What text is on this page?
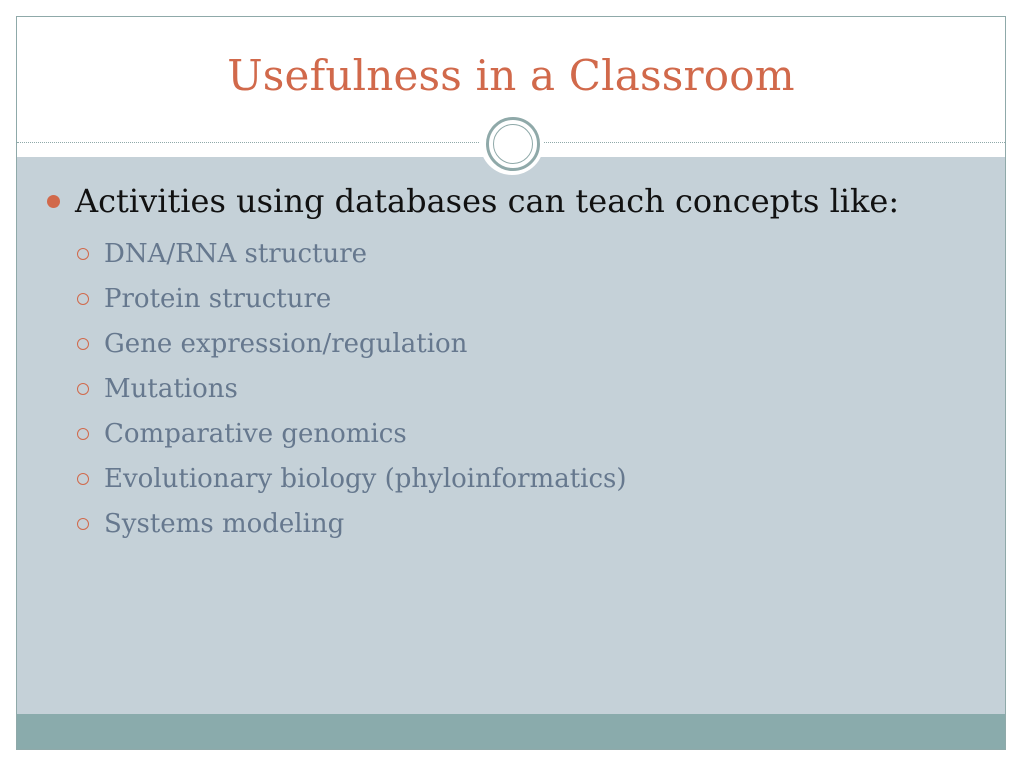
Usefulness in a Classroom
Activities using databases can teach concepts like:
DNA/RNA structure
Protein structure
Gene expression/regulation
Mutations
Comparative genomics
Evolutionary biology (phyloinformatics)
Systems modeling
